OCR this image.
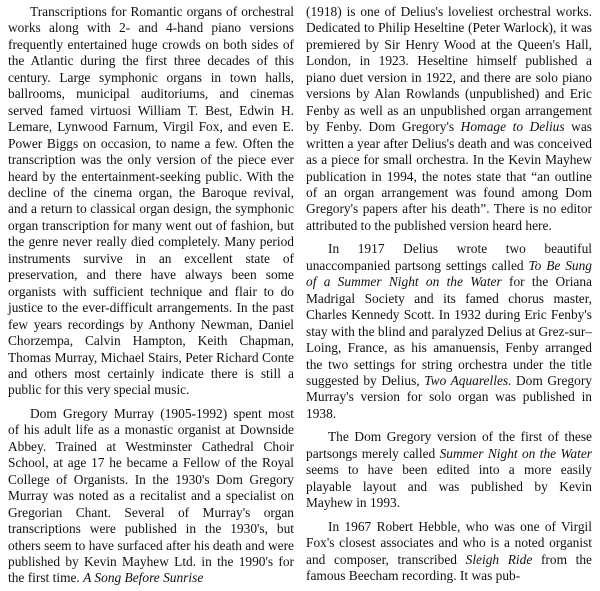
Transcriptions for Romantic organs of orchestral works along with 2- and 4-hand piano versions frequently entertained huge crowds on both sides of the Atlantic during the first three decades of this century. Large symphonic organs in town halls, ballrooms, municipal auditoriums, and cinemas served famed virtuosi William T. Best, Edwin H. Lemare, Lynwood Farnum, Virgil Fox, and even E. Power Biggs on occasion, to name a few. Often the transcription was the only version of the piece ever heard by the entertainment-seeking public. With the decline of the cinema organ, the Baroque revival, and a return to classical organ design, the symphonic organ transcription for many went out of fashion, but the genre never really died completely. Many period instruments survive in an excellent state of preservation, and there have always been some organists with sufficient technique and flair to do justice to the ever-difficult arrangements. In the past few years recordings by Anthony Newman, Daniel Chorzempa, Calvin Hampton, Keith Chapman, Thomas Murray, Michael Stairs, Peter Richard Conte and others most certainly indicate there is still a public for this very special music.

Dom Gregory Murray (1905-1992) spent most of his adult life as a monastic organist at Downside Abbey. Trained at Westminster Cathedral Choir School, at age 17 he became a Fellow of the Royal College of Organists. In the 1930's Dom Gregory Murray was noted as a recitalist and a specialist on Gregorian Chant. Several of Murray's organ transcriptions were published in the 1930's, but others seem to have surfaced after his death and were published by Kevin Mayhew Ltd. in the 1990's for the first time. A Song Before Sunrise

(1918) is one of Delius's loveliest orchestral works. Dedicated to Philip Heseltine (Peter Warlock), it was premiered by Sir Henry Wood at the Queen's Hall, London, in 1923. Heseltine himself published a piano duet version in 1922, and there are solo piano versions by Alan Rowlands (unpublished) and Eric Fenby as well as an unpublished organ arrangement by Fenby. Dom Gregory's Homage to Delius was written a year after Delius's death and was conceived as a piece for small orchestra. In the Kevin Mayhew publication in 1994, the notes state that “an outline of an organ arrangement was found among Dom Gregory's papers after his death”. There is no editor attributed to the published version heard here.

In 1917 Delius wrote two beautiful unaccompanied partsong settings called To Be Sung of a Summer Night on the Water for the Oriana Madrigal Society and its famed chorus master, Charles Kennedy Scott. In 1932 during Eric Fenby's stay with the blind and paralyzed Delius at Grez-sur–Loing, France, as his amanuensis, Fenby arranged the two settings for string orchestra under the title suggested by Delius, Two Aquarelles. Dom Gregory Murray's version for solo organ was published in 1938.

The Dom Gregory version of the first of these partsongs merely called Summer Night on the Water seems to have been edited into a more easily playable layout and was published by Kevin Mayhew in 1993.

In 1967 Robert Hebble, who was one of Virgil Fox's closest associates and who is a noted organist and composer, transcribed Sleigh Ride from the famous Beecham recording. It was pub-
